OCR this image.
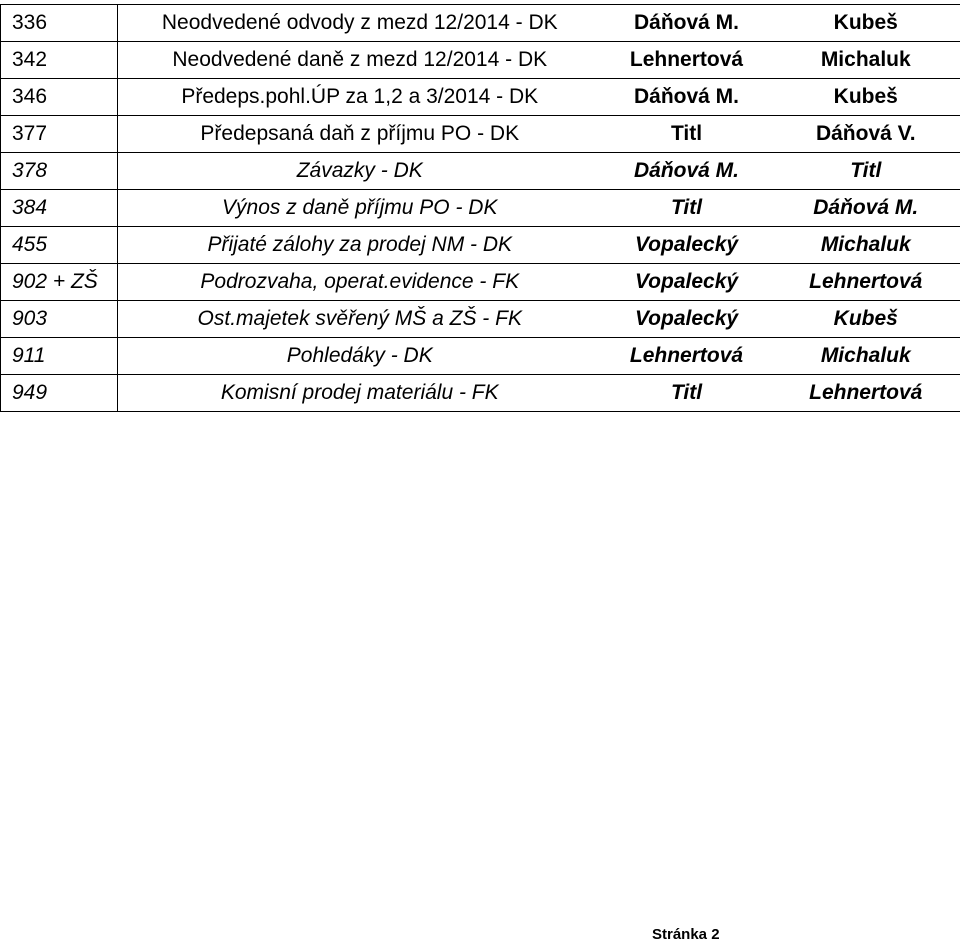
336	Neodvedené odvody z mezd 12/2014 - DK	Dáňová M.	Kubeš
342	Neodvedené daně z mezd 12/2014 - DK	Lehnertová	Michaluk
346	Předeps.pohl.ÚP za 1,2 a 3/2014 - DK	Dáňová M.	Kubeš
377	Předepsaná daň z příjmu PO - DK	Titl	Dáňová V.
378	Závazky - DK	Dáňová M.	Titl
384	Výnos z daně příjmu PO - DK	Titl	Dáňová M.
455	Přijaté zálohy za prodej NM - DK	Vopalecký	Michaluk
902 + ZŠ	Podrozvaha, operat.evidence - FK	Vopalecký	Lehnertová
903	Ost.majetek svěřený MŠ a ZŠ - FK	Vopalecký	Kubeš
911	Pohledáky - DK	Lehnertová	Michaluk
949	Komisní prodej materiálu - FK	Titl	Lehnertová
Stránka 2
